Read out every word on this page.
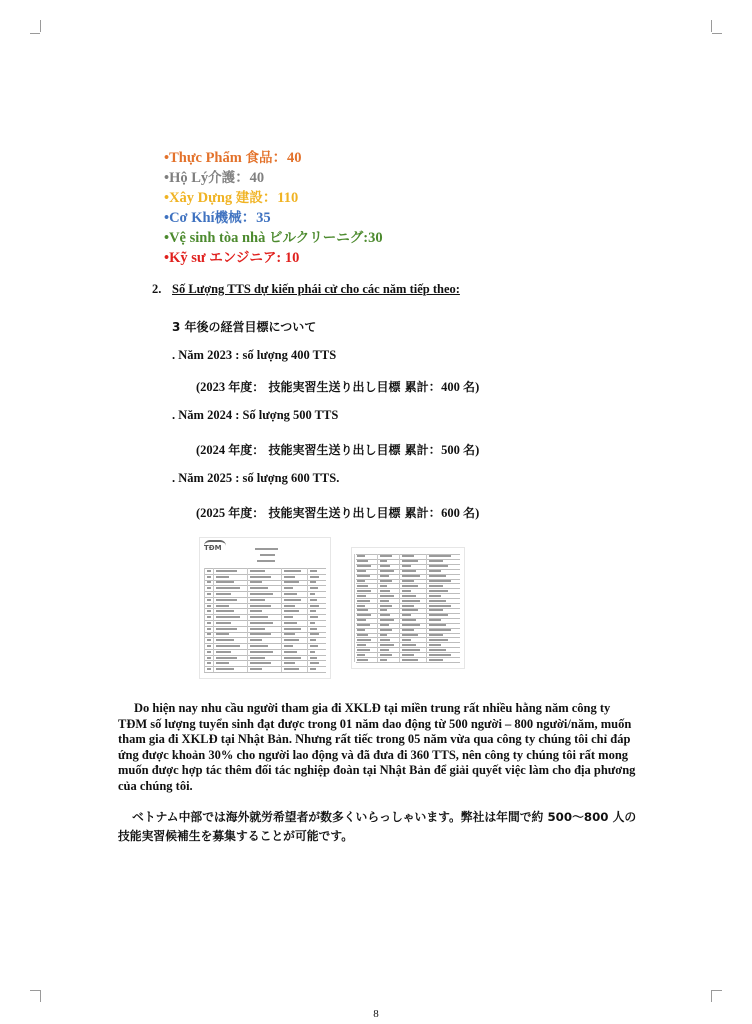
•Thực Phẩm 食品：40
•Hộ Lý介護：40
•Xây Dựng 建設：110
•Cơ Khí機械：35
•Vệ sinh tòa nhà ビルクリーニグ:30
•Kỹ sư エンジニア: 10
2. Số Lượng TTS dự kiến phái cử cho các năm tiếp theo:
3 年後の経営目標について
. Năm 2023 : số lượng 400 TTS
(2023 年度： 技能実習生送り出し目標 累計：400 名)
. Năm 2024 : Số lượng 500 TTS
(2024 年度： 技能実習生送り出し目標 累計：500 名)
. Năm 2025 : số lượng 600 TTS.
(2025 年度： 技能実習生送り出し目標 累計：600 名)
TĐM
Do hiện nay nhu cầu người tham gia đi XKLĐ tại miền trung rất nhiều hằng năm công ty TĐM số lượng tuyển sinh đạt được trong 01 năm dao động từ 500 người – 800 người/năm, muốn tham gia đi XKLĐ tại Nhật Bản. Nhưng rất tiếc trong 05 năm vừa qua công ty chúng tôi chỉ đáp ứng được khoản 30% cho người lao động và đã đưa đi 360 TTS, nên công ty chúng tôi rất mong muốn được hợp tác thêm đối tác nghiệp đoàn tại Nhật Bản để giải quyết việc làm cho địa phương của chúng tôi.
ベトナム中部では海外就労希望者が数多くいらっしゃいます。弊社は年間で約 500～800 人の技能実習候補生を募集することが可能です。
8
